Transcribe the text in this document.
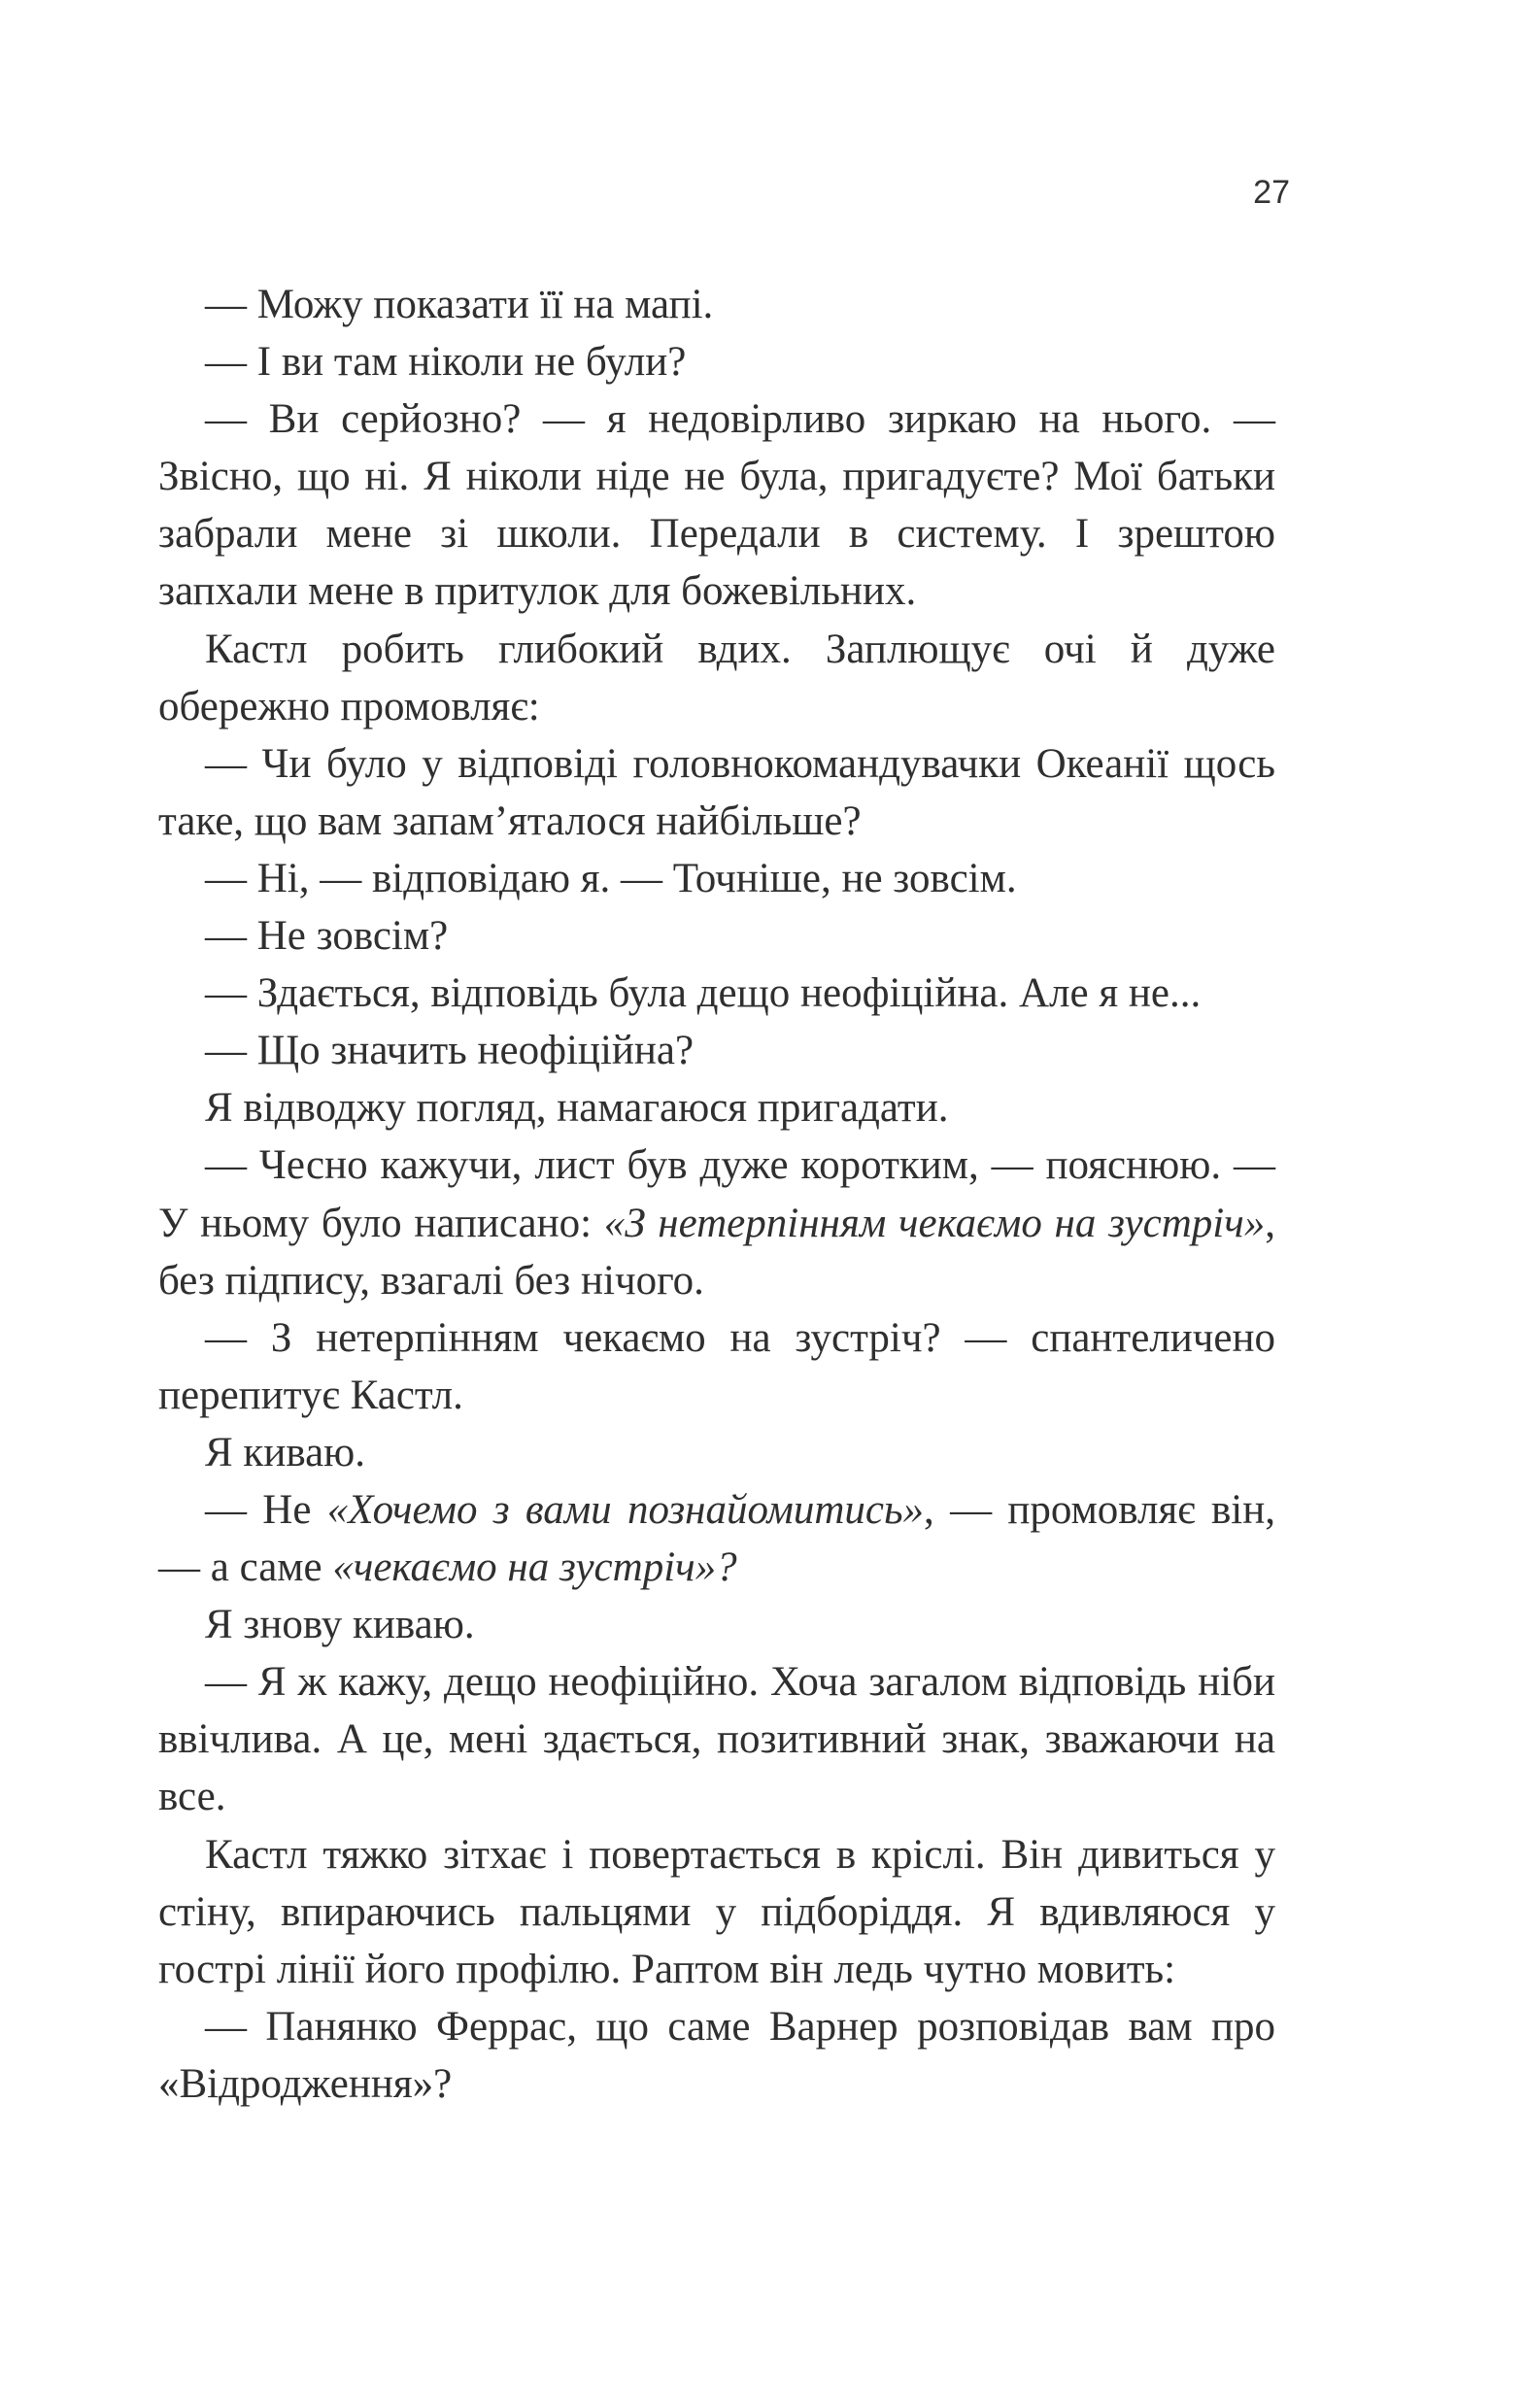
27

— Можу показати її на мапі.

— І ви там ніколи не були?

— Ви серйозно? — я недовірливо зиркаю на нього. — Звісно, що ні. Я ніколи ніде не була, пригадуєте? Мої батьки забрали мене зі школи. Передали в систему. І зрештою запхали мене в притулок для божевільних.

Кастл робить глибокий вдих. Заплющує очі й дуже обережно промовляє:

— Чи було у відповіді головнокомандувачки Океанії щось таке, що вам запам’яталося найбільше?

— Ні, — відповідаю я. — Точніше, не зовсім.

— Не зовсім?

— Здається, відповідь була дещо неофіційна. Але я не...

— Що значить неофіційна?

Я відводжу погляд, намагаюся пригадати.

— Чесно кажучи, лист був дуже коротким, — пояснюю. — У ньому було написано: «З нетерпінням чекаємо на зустріч», без підпису, взагалі без нічого.

— З нетерпінням чекаємо на зустріч? — спантеличено перепитує Кастл.

Я киваю.

— Не «Хочемо з вами познайомитись», — промовляє він, — а саме «чекаємо на зустріч»?

Я знову киваю.

— Я ж кажу, дещо неофіційно. Хоча загалом відповідь ніби ввічлива. А це, мені здається, позитивний знак, зважаючи на все.

Кастл тяжко зітхає і повертається в кріслі. Він дивиться у стіну, впираючись пальцями у підборіддя. Я вдивляюся у гострі лінії його профілю. Раптом він ледь чутно мовить:

— Панянко Феррас, що саме Варнер розповідав вам про «Відродження»?
